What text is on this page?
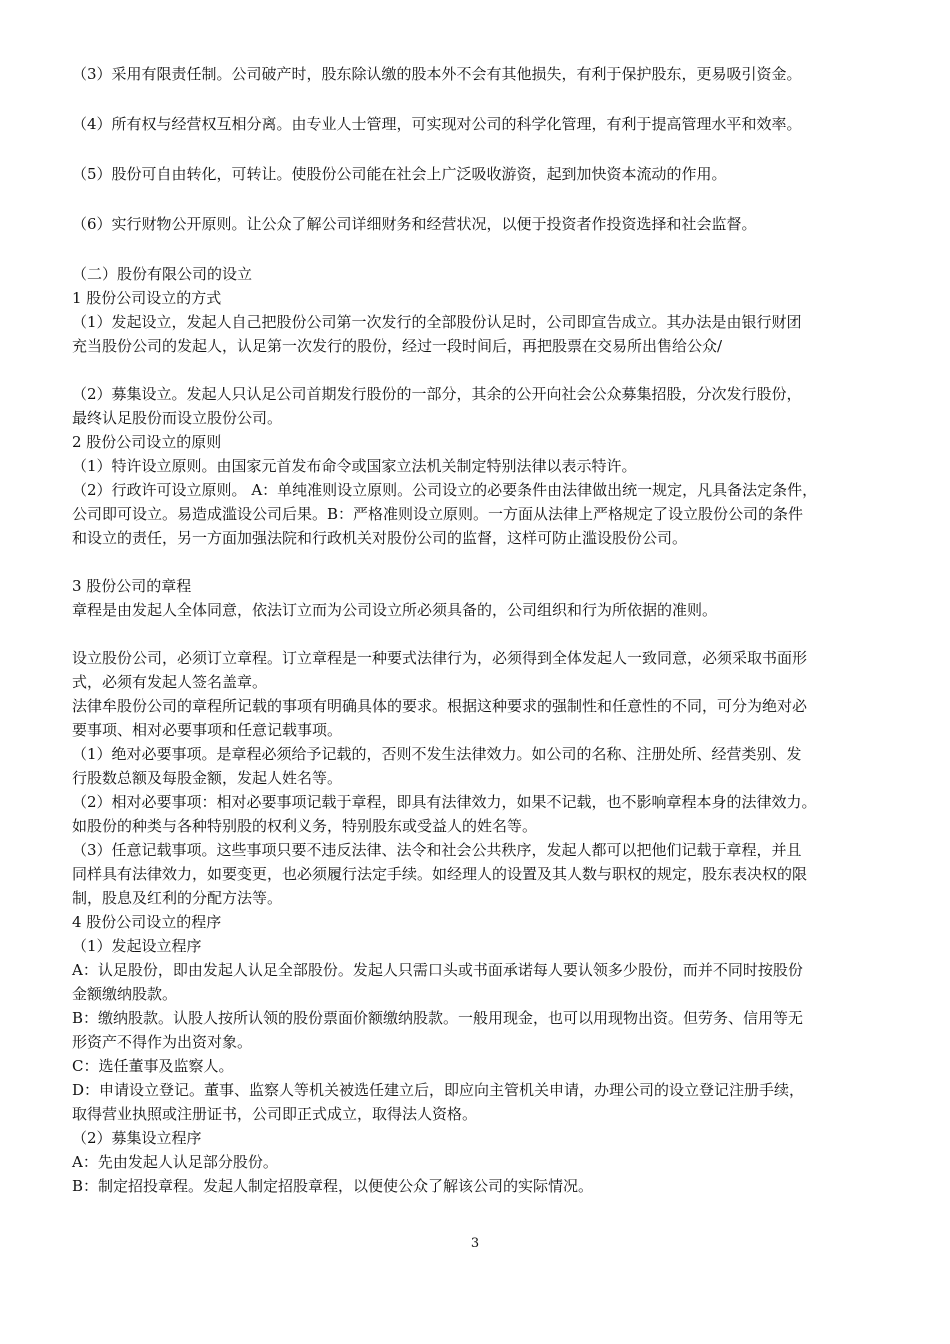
（3）采用有限责任制。公司破产时，股东除认缴的股本外不会有其他损失，有利于保护股东，更易吸引资金。
（4）所有权与经营权互相分离。由专业人士管理，可实现对公司的科学化管理，有利于提高管理水平和效率。
（5）股份可自由转化，可转让。使股份公司能在社会上广泛吸收游资，起到加快资本流动的作用。
（6）实行财物公开原则。让公众了解公司详细财务和经营状况，以便于投资者作投资选择和社会监督。
（二）股份有限公司的设立
1 股份公司设立的方式
（1）发起设立，发起人自己把股份公司第一次发行的全部股份认足时，公司即宣告成立。其办法是由银行财团
充当股份公司的发起人，认足第一次发行的股份，经过一段时间后，再把股票在交易所出售给公众/
（2）募集设立。发起人只认足公司首期发行股份的一部分，其余的公开向社会公众募集招股，分次发行股份，
最终认足股份而设立股份公司。
2 股份公司设立的原则
（1）特许设立原则。由国家元首发布命令或国家立法机关制定特别法律以表示特许。
（2）行政许可设立原则。 A：单纯准则设立原则。公司设立的必要条件由法律做出统一规定，凡具备法定条件，
公司即可设立。易造成滥设公司后果。B：严格准则设立原则。一方面从法律上严格规定了设立股份公司的条件
和设立的责任，另一方面加强法院和行政机关对股份公司的监督，这样可防止滥设股份公司。
3 股份公司的章程
章程是由发起人全体同意，依法订立而为公司设立所必须具备的，公司组织和行为所依据的准则。
设立股份公司，必须订立章程。订立章程是一种要式法律行为，必须得到全体发起人一致同意，必须采取书面形
式，必须有发起人签名盖章。
法律牟股份公司的章程所记载的事项有明确具体的要求。根据这种要求的强制性和任意性的不同，可分为绝对必
要事项、相对必要事项和任意记载事项。
（1）绝对必要事项。是章程必须给予记载的，否则不发生法律效力。如公司的名称、注册处所、经营类别、发
行股数总额及每股金额，发起人姓名等。
（2）相对必要事项：相对必要事项记载于章程，即具有法律效力，如果不记载，也不影响章程本身的法律效力。
如股份的种类与各种特别股的权利义务，特别股东或受益人的姓名等。
（3）任意记载事项。这些事项只要不违反法律、法令和社会公共秩序，发起人都可以把他们记载于章程，并且
同样具有法律效力，如要变更，也必须履行法定手续。如经理人的设置及其人数与职权的规定，股东表决权的限
制，股息及红利的分配方法等。
4 股份公司设立的程序
（1）发起设立程序
A：认足股份，即由发起人认足全部股份。发起人只需口头或书面承诺每人要认领多少股份，而并不同时按股份
金额缴纳股款。
B：缴纳股款。认股人按所认领的股份票面价额缴纳股款。一般用现金，也可以用现物出资。但劳务、信用等无
形资产不得作为出资对象。
C：选任董事及监察人。
D：申请设立登记。董事、监察人等机关被选任建立后，即应向主管机关申请，办理公司的设立登记注册手续，
取得营业执照或注册证书，公司即正式成立，取得法人资格。
（2）募集设立程序
A：先由发起人认足部分股份。
B：制定招投章程。发起人制定招股章程，以便使公众了解该公司的实际情况。
3
